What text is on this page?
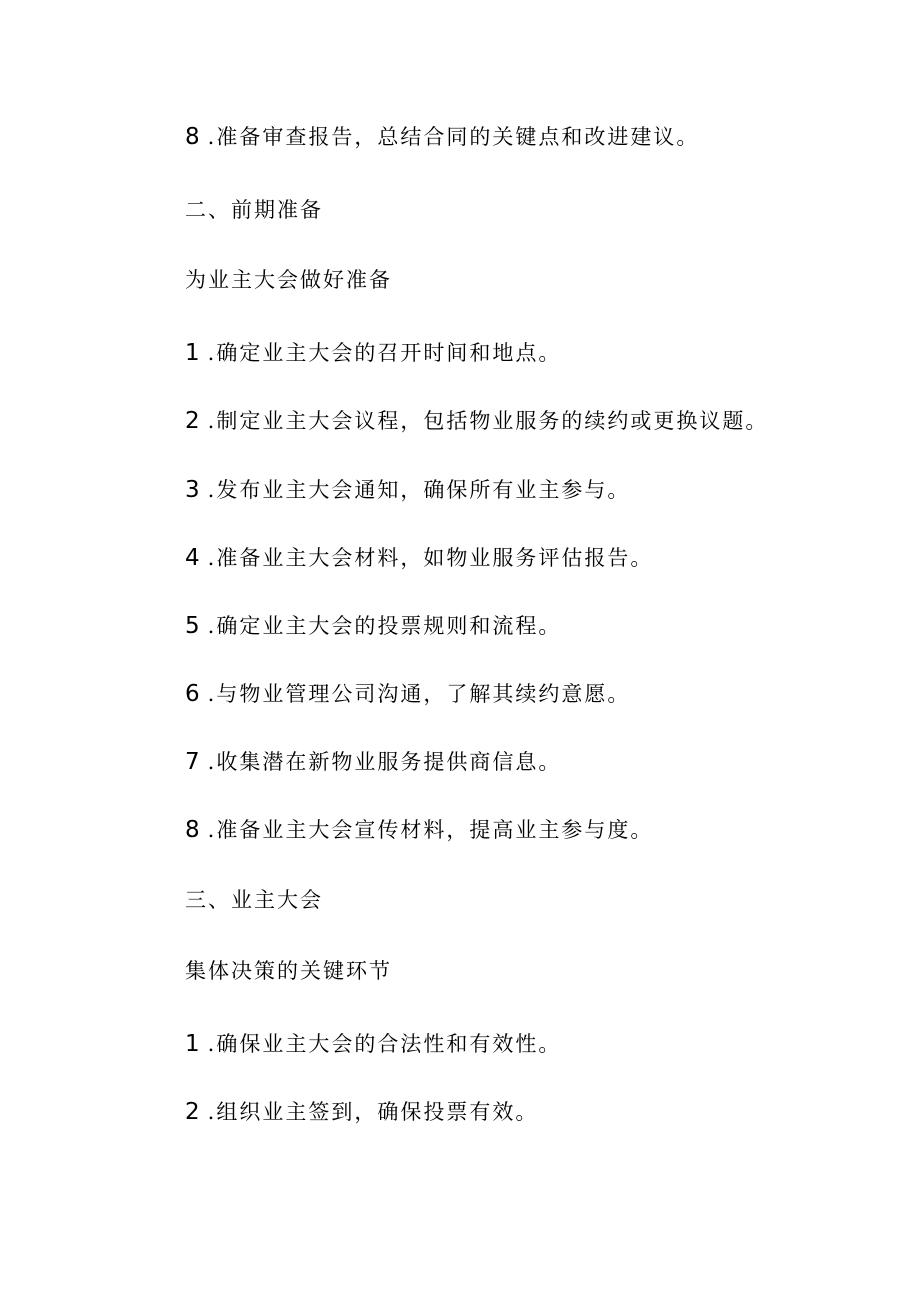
8 .准备审查报告，总结合同的关键点和改进建议。
二、前期准备
为业主大会做好准备
1 .确定业主大会的召开时间和地点。
2 .制定业主大会议程，包括物业服务的续约或更换议题。
3 .发布业主大会通知，确保所有业主参与。
4 .准备业主大会材料，如物业服务评估报告。
5 .确定业主大会的投票规则和流程。
6 .与物业管理公司沟通，了解其续约意愿。
7 .收集潜在新物业服务提供商信息。
8 .准备业主大会宣传材料，提高业主参与度。
三、业主大会
集体决策的关键环节
1 .确保业主大会的合法性和有效性。
2 .组织业主签到，确保投票有效。
